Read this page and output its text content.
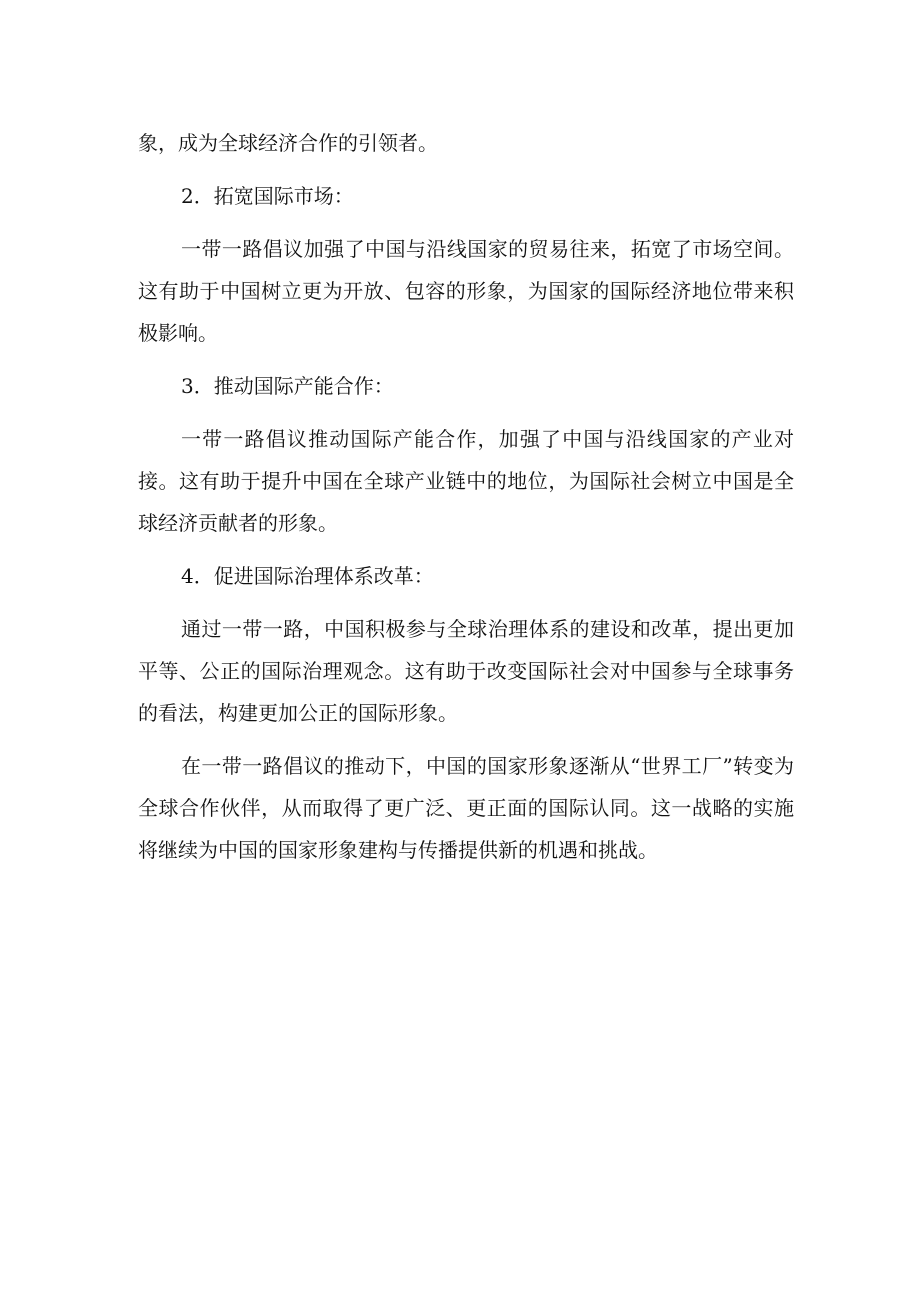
象，成为全球经济合作的引领者。

2．拓宽国际市场：

一带一路倡议加强了中国与沿线国家的贸易往来，拓宽了市场空间。这有助于中国树立更为开放、包容的形象，为国家的国际经济地位带来积极影响。

3．推动国际产能合作：

一带一路倡议推动国际产能合作，加强了中国与沿线国家的产业对接。这有助于提升中国在全球产业链中的地位，为国际社会树立中国是全球经济贡献者的形象。

4．促进国际治理体系改革：

通过一带一路，中国积极参与全球治理体系的建设和改革，提出更加平等、公正的国际治理观念。这有助于改变国际社会对中国参与全球事务的看法，构建更加公正的国际形象。

在一带一路倡议的推动下，中国的国家形象逐渐从“世界工厂”转变为全球合作伙伴，从而取得了更广泛、更正面的国际认同。这一战略的实施将继续为中国的国家形象建构与传播提供新的机遇和挑战。
